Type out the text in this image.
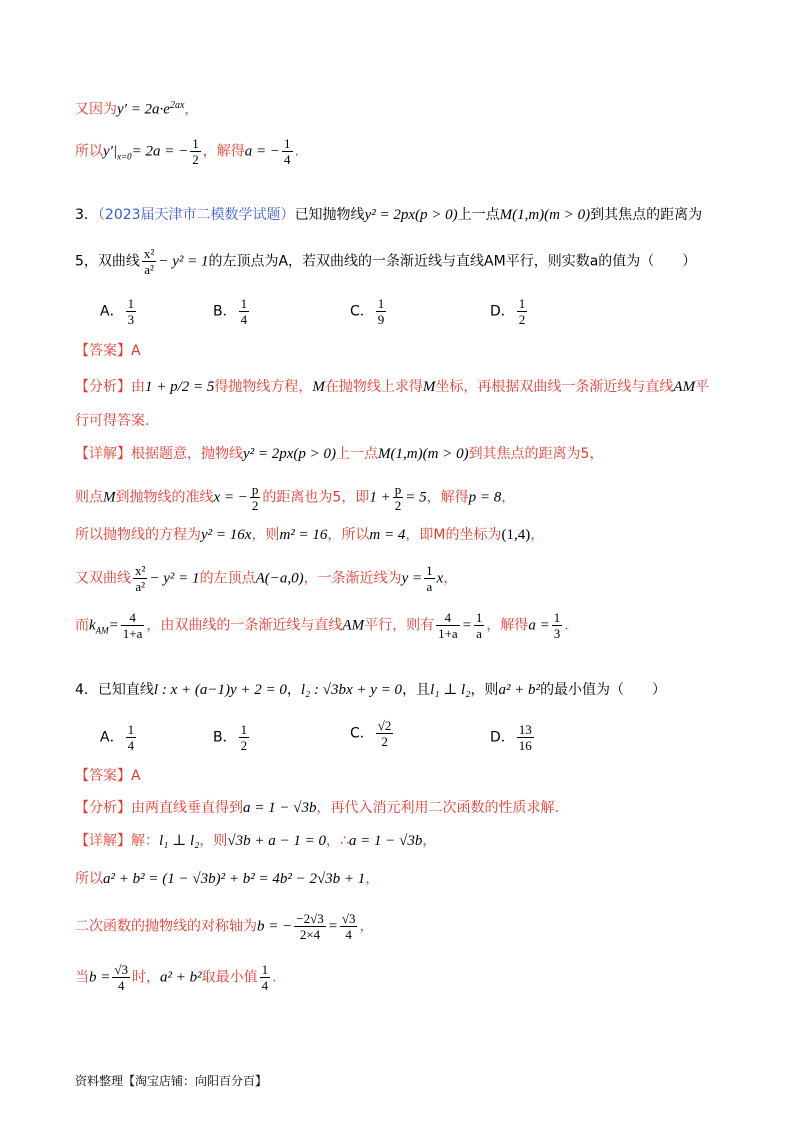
又因为$y' = 2a\cdot e^{2ax}$，
所以$y'|_{x=0}= 2a$ = − $\frac{1}{2}$ ，解得a = − $\frac{1}{4}$ .
3．（2023届天津市二模数学试题）已知抛物线y² = 2px(p > 0)上一点M(1,m)(m > 0)到其焦点的距离为
5，双曲线 $\frac{\text{x²}}{\text{a²}} - y^2 = 1$的左顶点为A，若双曲线的一条渐近线与直线AM平行，则实数a的值为（　　）
A． $\frac{1}{3}$	B． $\frac{1}{4}$	C． $\frac{1}{9}$	D． $\frac{1}{2}$
【答案】A
【分析】由1 + p/2 = 5得抛物线方程，M在抛物线上求得M坐标，再根据双曲线一条渐近线与直线AM平
行可得答案.
【详解】根据题意，抛物线y² = 2px(p > 0)上一点M(1,m)(m > 0)到其焦点的距离为5，
则点M到抛物线的准线x = − $\frac{p}{2}$ 的距离也为5，即$1 + \frac{p}{2} = 5$，解得p = 8，
所以抛物线的方程为y² = 16x，则m² = 16，所以m = 4，即M的坐标为(1,4)，
又双曲线 $\frac{\text{x²}}{\text{a²}} - y^2 = 1$的左顶点A(−a,0)，一条渐近线为$y = \frac{1}{a}$ x，
而$k_{AM}= \frac{4}{1+a}$ ，由双曲线的一条渐近线与直线AM平行，则有 $\frac{4}{1+a} = \frac{1}{a}$ ，解得$a = \frac{1}{3}$ .
4．已知直线l : x + (a−1)y + 2 = 0，l₂ : √3bx + y = 0，且l₁ ⊥ l₂，则a² + b²的最小值为（　　）
A． $\frac{1}{4}$	B． $\frac{1}{2}$	C． $\frac{√2}{2}$	D． $\frac{13}{16}$
【答案】A
【分析】由两直线垂直得到a = 1 − √3b，再代入消元利用二次函数的性质求解.
【详解】解：l₁ ⊥ l₂，则√3b + a − 1 = 0，∴a = 1 − √3b，
所以a² + b² = (1 − √3b)² + b² = 4b² − 2√3b + 1，
二次函数的抛物线的对称轴为b = − $\frac{-2√3}{2\times 4} = \frac{√3}{4}$ ，
当$b = \frac{√3}{4}$ 时，a² + b²取最小值 $\frac{1}{4}$ .
资料整理【淘宝店铺：向阳百分百】
